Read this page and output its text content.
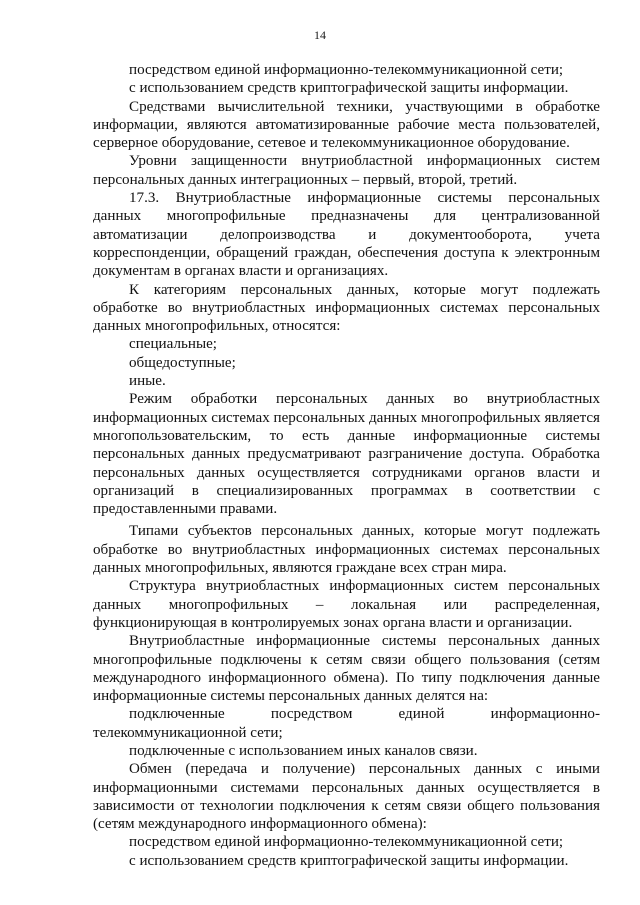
14

посредством единой информационно-телекоммуникационной сети;

с использованием средств криптографической защиты информации.

Средствами вычислительной техники, участвующими в обработке информации, являются автоматизированные рабочие места пользователей, серверное оборудование, сетевое и телекоммуникационное оборудование.

Уровни защищенности внутриобластной информационных систем персональных данных интеграционных – первый, второй, третий.

17.3. Внутриобластные информационные системы персональных данных многопрофильные предназначены для централизованной автоматизации делопроизводства и документооборота, учета корреспонденции, обращений граждан, обеспечения доступа к электронным документам в органах власти и организациях.

К категориям персональных данных, которые могут подлежать обработке во внутриобластных информационных системах персональных данных многопрофильных, относятся:

специальные;

общедоступные;

иные.

Режим обработки персональных данных во внутриобластных информационных системах персональных данных многопрофильных является многопользовательским, то есть данные информационные системы персональных данных предусматривают разграничение доступа. Обработка персональных данных осуществляется сотрудниками органов власти и организаций в специализированных программах в соответствии с предоставленными правами.

Типами субъектов персональных данных, которые могут подлежать обработке во внутриобластных информационных системах персональных данных многопрофильных, являются граждане всех стран мира.

Структура внутриобластных информационных систем персональных данных многопрофильных – локальная или распределенная, функционирующая в контролируемых зонах органа власти и организации.

Внутриобластные информационные системы персональных данных многопрофильные подключены к сетям связи общего пользования (сетям международного информационного обмена). По типу подключения данные информационные системы персональных данных делятся на:

подключенные посредством единой информационно-телекоммуникационной сети;

подключенные с использованием иных каналов связи.

Обмен (передача и получение) персональных данных с иными информационными системами персональных данных осуществляется в зависимости от технологии подключения к сетям связи общего пользования (сетям международного информационного обмена):

посредством единой информационно-телекоммуникационной сети;

с использованием средств криптографической защиты информации.
